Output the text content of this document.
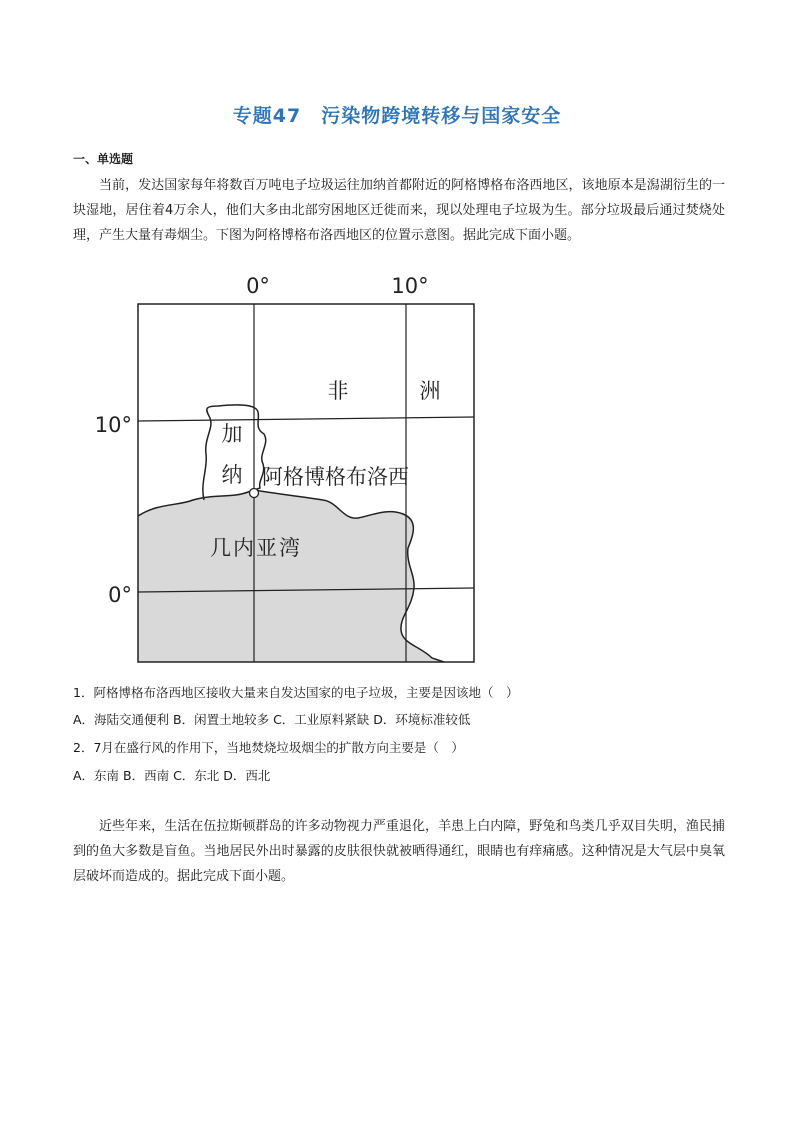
专题47　污染物跨境转移与国家安全
一、单选题
当前，发达国家每年将数百万吨电子垃圾运往加纳首都附近的阿格博格布洛西地区，该地原本是潟湖衍生的一块湿地，居住着4万余人，他们大多由北部穷困地区迁徙而来，现以处理电子垃圾为生。部分垃圾最后通过焚烧处理，产生大量有毒烟尘。下图为阿格博格布洛西地区的位置示意图。据此完成下面小题。
0°	10°
10°
0°
非	洲
加
纳 阿格博格布洛西
几内亚湾
1．阿格博格布洛西地区接收大量来自发达国家的电子垃圾，主要是因该地（　）
A．海陆交通便利 B．闲置土地较多 C．工业原料紧缺 D．环境标准较低
2．7月在盛行风的作用下，当地焚烧垃圾烟尘的扩散方向主要是（　）
A．东南 B．西南 C．东北 D．西北
近些年来，生活在伍拉斯顿群岛的许多动物视力严重退化，羊患上白内障，野兔和鸟类几乎双目失明，渔民捕到的鱼大多数是盲鱼。当地居民外出时暴露的皮肤很快就被晒得通红，眼睛也有痒痛感。这种情况是大气层中臭氧层破坏而造成的。据此完成下面小题。
